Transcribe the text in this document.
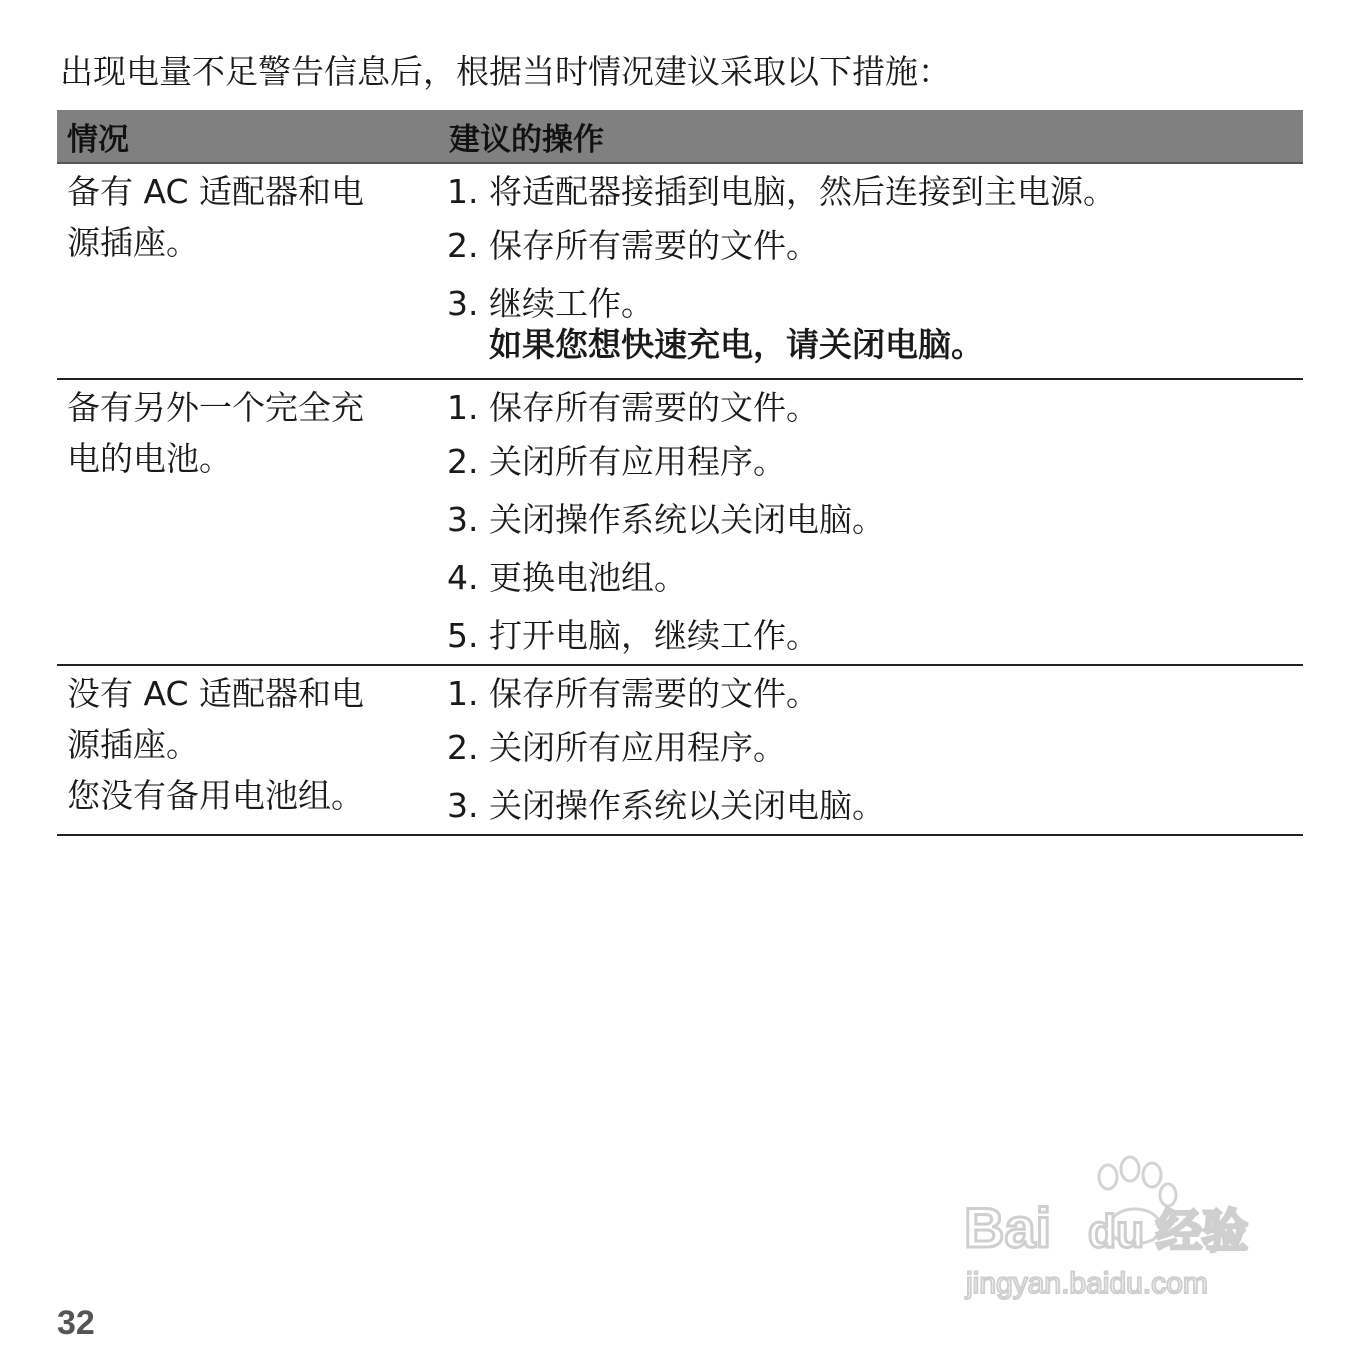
出现电量不足警告信息后，根据当时情况建议采取以下措施：
情况	建议的操作
备有 AC 适配器和电
源插座。
1. 将适配器接插到电脑，然后连接到主电源。
2. 保存所有需要的文件。
3. 继续工作。
如果您想快速充电，请关闭电脑。
备有另外一个完全充
电的电池。
1. 保存所有需要的文件。
2. 关闭所有应用程序。
3. 关闭操作系统以关闭电脑。
4. 更换电池组。
5. 打开电脑，继续工作。
没有 AC 适配器和电
源插座。
您没有备用电池组。
1. 保存所有需要的文件。
2. 关闭所有应用程序。
3. 关闭操作系统以关闭电脑。
Bai du 经验
jingyan.baidu.com
32
